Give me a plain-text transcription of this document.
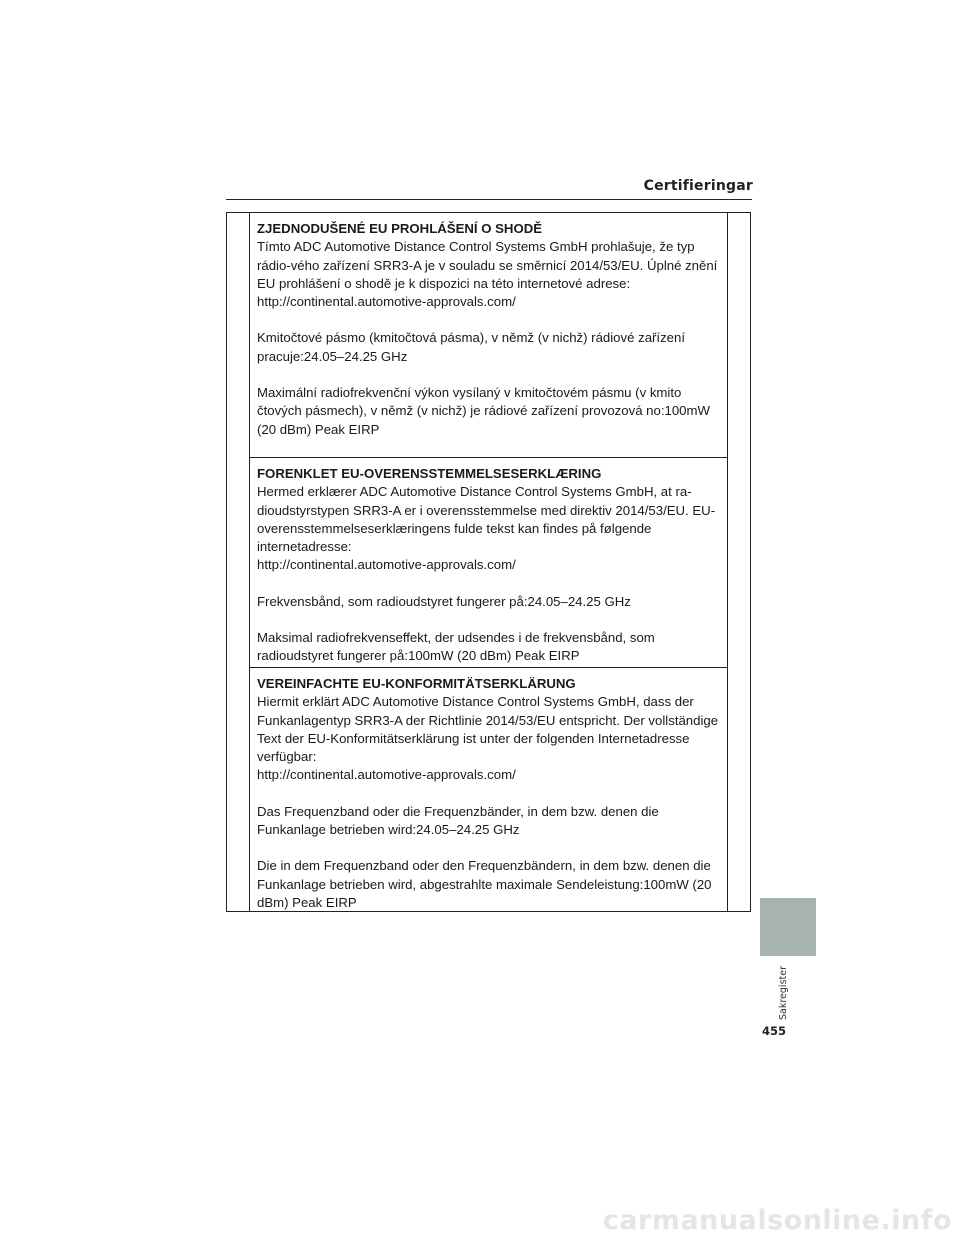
Certifieringar
ZJEDNODUŠENÉ EU PROHLÁŠENÍ O SHODĚ

Tímto ADC Automotive Distance Control Systems GmbH prohlašuje, že typ rádio-vého zařízení SRR3-A je v souladu se směrnicí 2014/53/EU. Úplné znění EU prohlášení o shodě je k dispozici na této internetové adrese:
http://continental.automotive-approvals.com/

Kmitočtové pásmo (kmitočtová pásma), v němž (v nichž) rádiové zařízení pracuje:24.05–24.25 GHz

Maximální radiofrekvenční výkon vysílaný v kmitočtovém pásmu (v kmito čtových pásmech), v němž (v nichž) je rádiové zařízení provozová no:100mW (20 dBm) Peak EIRP

FORENKLET EU-OVERENSSTEMMELSESERKLÆRING

Hermed erklærer ADC Automotive Distance Control Systems GmbH, at ra-dioudstyrstypen SRR3-A er i overensstemmelse med direktiv 2014/53/EU. EU-overensstemmelseserklæringens fulde tekst kan findes på følgende internetadresse:
http://continental.automotive-approvals.com/

Frekvensbånd, som radioudstyret fungerer på:24.05–24.25 GHz

Maksimal radiofrekvenseffekt, der udsendes i de frekvensbånd, som radioudstyret fungerer på:100mW (20 dBm) Peak EIRP

VEREINFACHTE EU-KONFORMITÄTSERKLÄRUNG

Hiermit erklärt ADC Automotive Distance Control Systems GmbH, dass der Funkanlagentyp SRR3-A der Richtlinie 2014/53/EU entspricht. Der vollständige Text der EU-Konformitätserklärung ist unter der folgenden Internetadresse verfügbar:
http://continental.automotive-approvals.com/

Das Frequenzband oder die Frequenzbänder, in dem bzw. denen die Funkanlage betrieben wird:24.05–24.25 GHz

Die in dem Frequenzband oder den Frequenzbändern, in dem bzw. denen die Funkanlage betrieben wird, abgestrahlte maximale Sendeleistung:100mW (20 dBm) Peak EIRP

Sakregister
455
carmanualsonline.info
